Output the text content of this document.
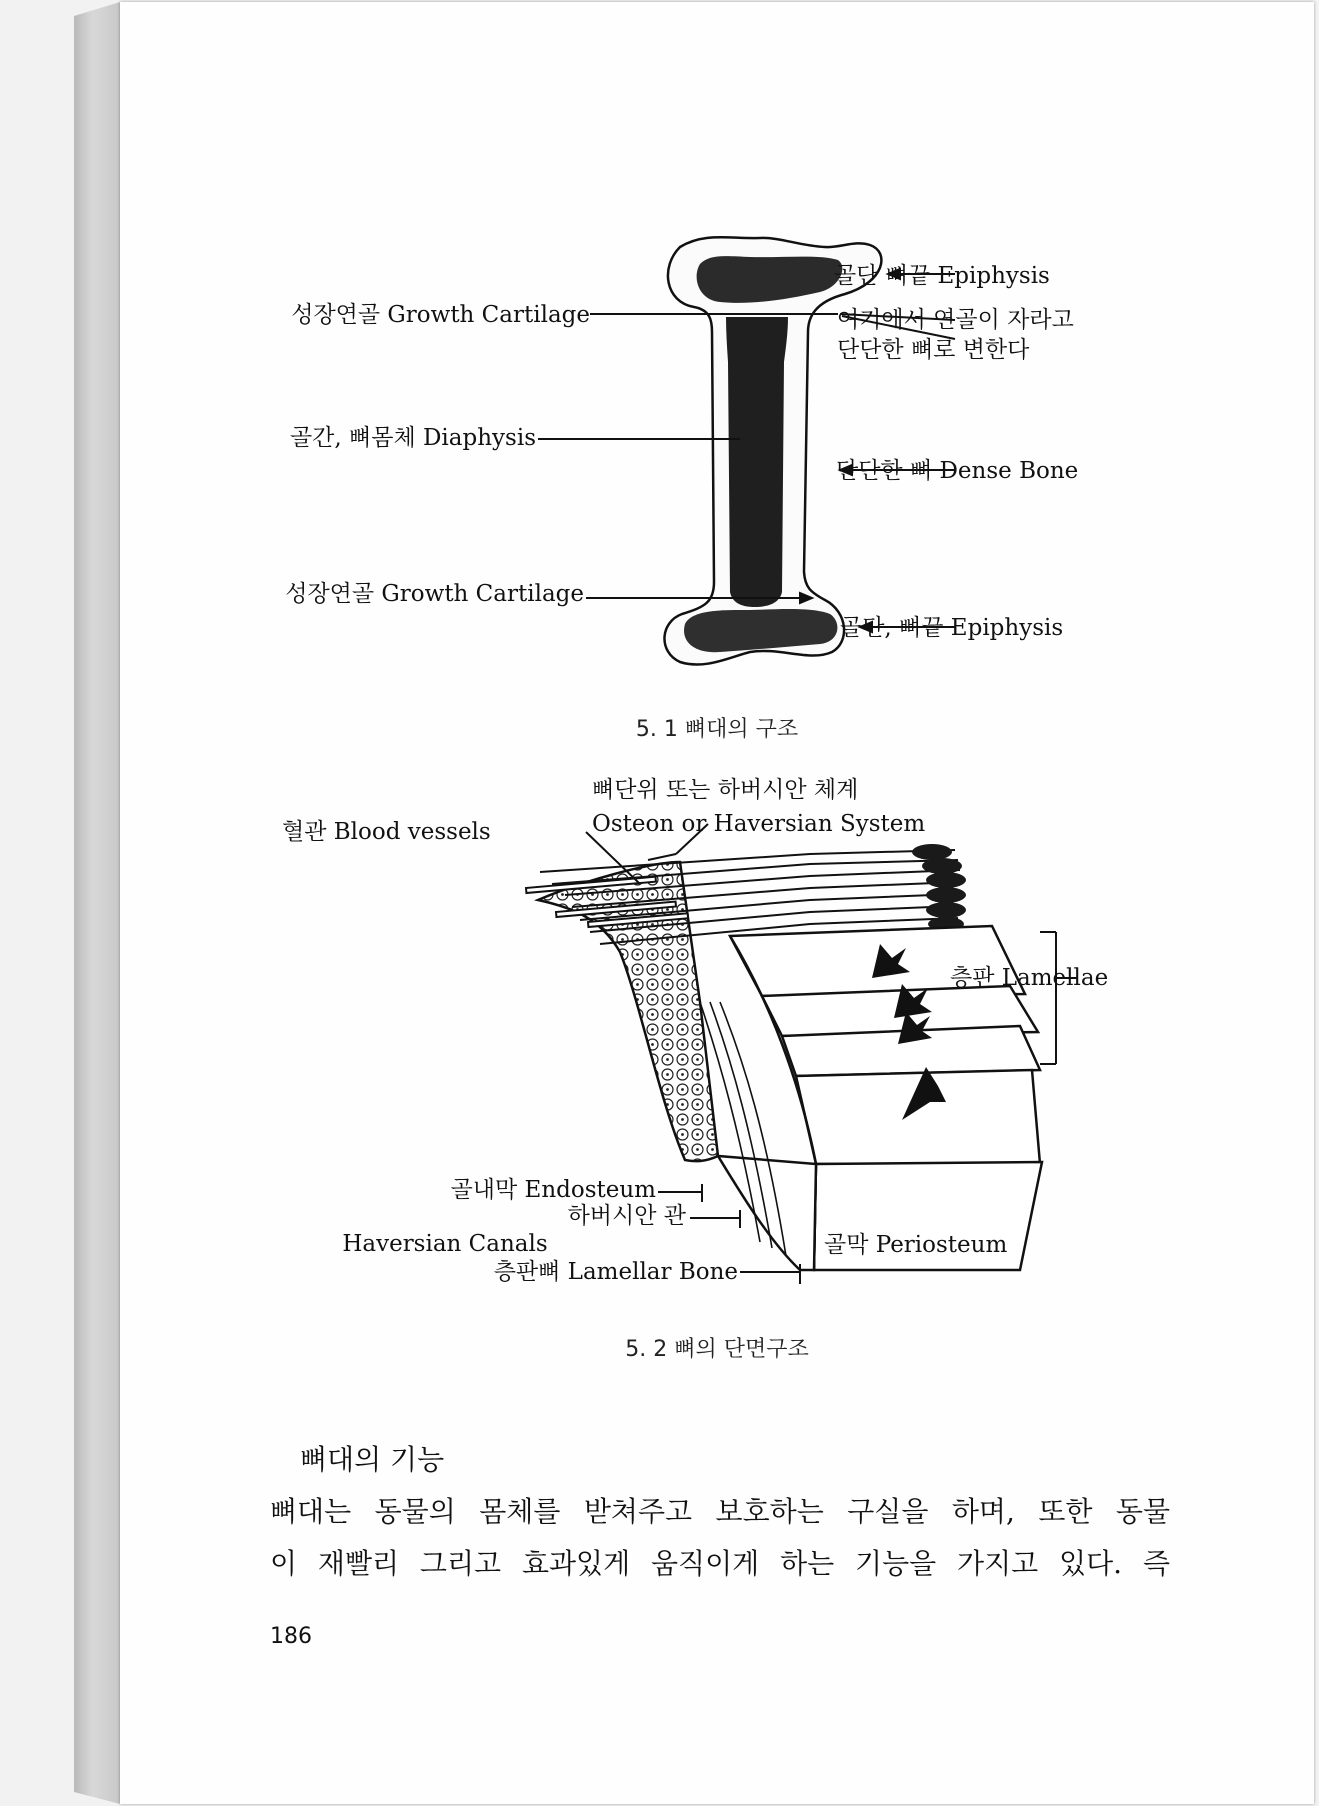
골단 뼈끝 Epiphysis
성장연골 Growth Cartilage	여기에서 연골이 자라고
단단한 뼈로 변한다
골간, 뼈몸체 Diaphysis
단단한 뼈 Dense Bone
성장연골 Growth Cartilage
골단, 뼈끝 Epiphysis
5. 1 뼈대의 구조
뼈단위 또는 하버시안 체계
Osteon or Haversian System
혈관 Blood vessels
층판 Lamellae
골내막 Endosteum
하버시안 관
Haversian Canals
층판뼈 Lamellar Bone
골막 Periosteum
5. 2 뼈의 단면구조
뼈대의 기능
뼈대는 동물의 몸체를 받쳐주고 보호하는 구실을 하며, 또한 동물
이 재빨리 그리고 효과있게 움직이게 하는 기능을 가지고 있다. 즉
186
